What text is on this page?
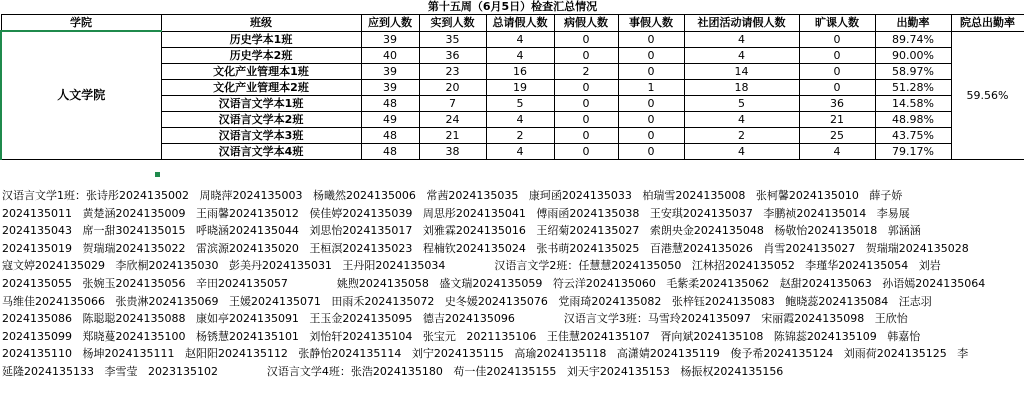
第十五周（6月5日）检查汇总情况										
学院	班级	应到人数	实到人数	总请假人数	病假人数	事假人数	社团活动请假人数	旷课人数	出勤率	院总出勤率
人文学院	历史学本1班	39	35	4	0	0	4	0	89.74%	59.56%
	历史学本2班	40	36	4	0	0	4	0	90.00%	
	文化产业管理本1班	39	23	16	2	0	14	0	58.97%	
	文化产业管理本2班	39	20	19	0	1	18	0	51.28%	
	汉语言文学本1班	48	7	5	0	0	5	36	14.58%	
	汉语言文学本2班	49	24	4	0	0	4	21	48.98%	
	汉语言文学本3班	48	21	2	0	0	2	25	43.75%	
	汉语言文学本4班	48	38	4	0	0	4	4	79.17%	
汉语言文学1班：张诗彤2024135002   周晓萍2024135003   杨曦然2024135006   常茜2024135035   康珂函2024135033   柏瑞雪2024135008   张柯馨2024135010   薛子娇
2024135011   黄楚涵2024135009   王雨馨2024135012   侯佳婷2024135039   周思彤2024135041   傅雨函2024135038   王安琪2024135037   李鹏祯2024135014   李易展
2024135043   席一甜3024135015   呼晓涵2024135044   刘思怡2024135017   刘雅霖2024135016   王绍菊2024135027   索朗央金2024135048   杨敬怡2024135018   郭涵涵
2024135019   贺瑞瑞2024135022   雷滨源2024135020   王桓溟2024135023   程楠钦2024135024   张书萌2024135025   百港慧2024135026   肖雪2024135027   贺瑞瑞2024135028
寇文婷2024135029   李欣桐2024135030   彭美丹2024135031   王丹阳2024135034              汉语言文学2班：任慧慧2024135050   江林招2024135052   李瑾华2024135054   刘岩
2024135055   张婉玉2024135056   辛田2024135057              姚煦2024135058   盛文瑞2024135059   符云洋2024135060   毛紫柔2024135062   赵甜2024135063   孙语嫣2024135064
马维佳2024135066   张贵淋2024135069   王媛2024135071   田雨禾2024135072   史冬媛2024135076   党雨琦2024135082   张梓钰2024135083   鲍晓蕊2024135084   汪志羽
2024135086   陈聪聪2024135088   康如亭2024135091   王玉金2024135095   德吉2024135096              汉语言文学3班：马雪玲2024135097   宋丽霞2024135098   王欣怡
2024135099   郑晓蔓2024135100   杨锈慧2024135101   刘怡轩2024135104   张宝元   2021135106   王佳慧2024135107   胥向斌2024135108   陈锦蕊2024135109   韩嘉怡
2024135110   杨坤2024135111   赵阳阳2024135112   张静怡2024135114   刘宁2024135115   高瑜2024135118   高潇婧2024135119   俊予希2024135124   刘雨荷2024135125   李
延隆2024135133   李雪莹   2023135102              汉语言文学4班：张浩2024135180   苟一佳2024135155   刘天宇2024135153   杨振权2024135156
